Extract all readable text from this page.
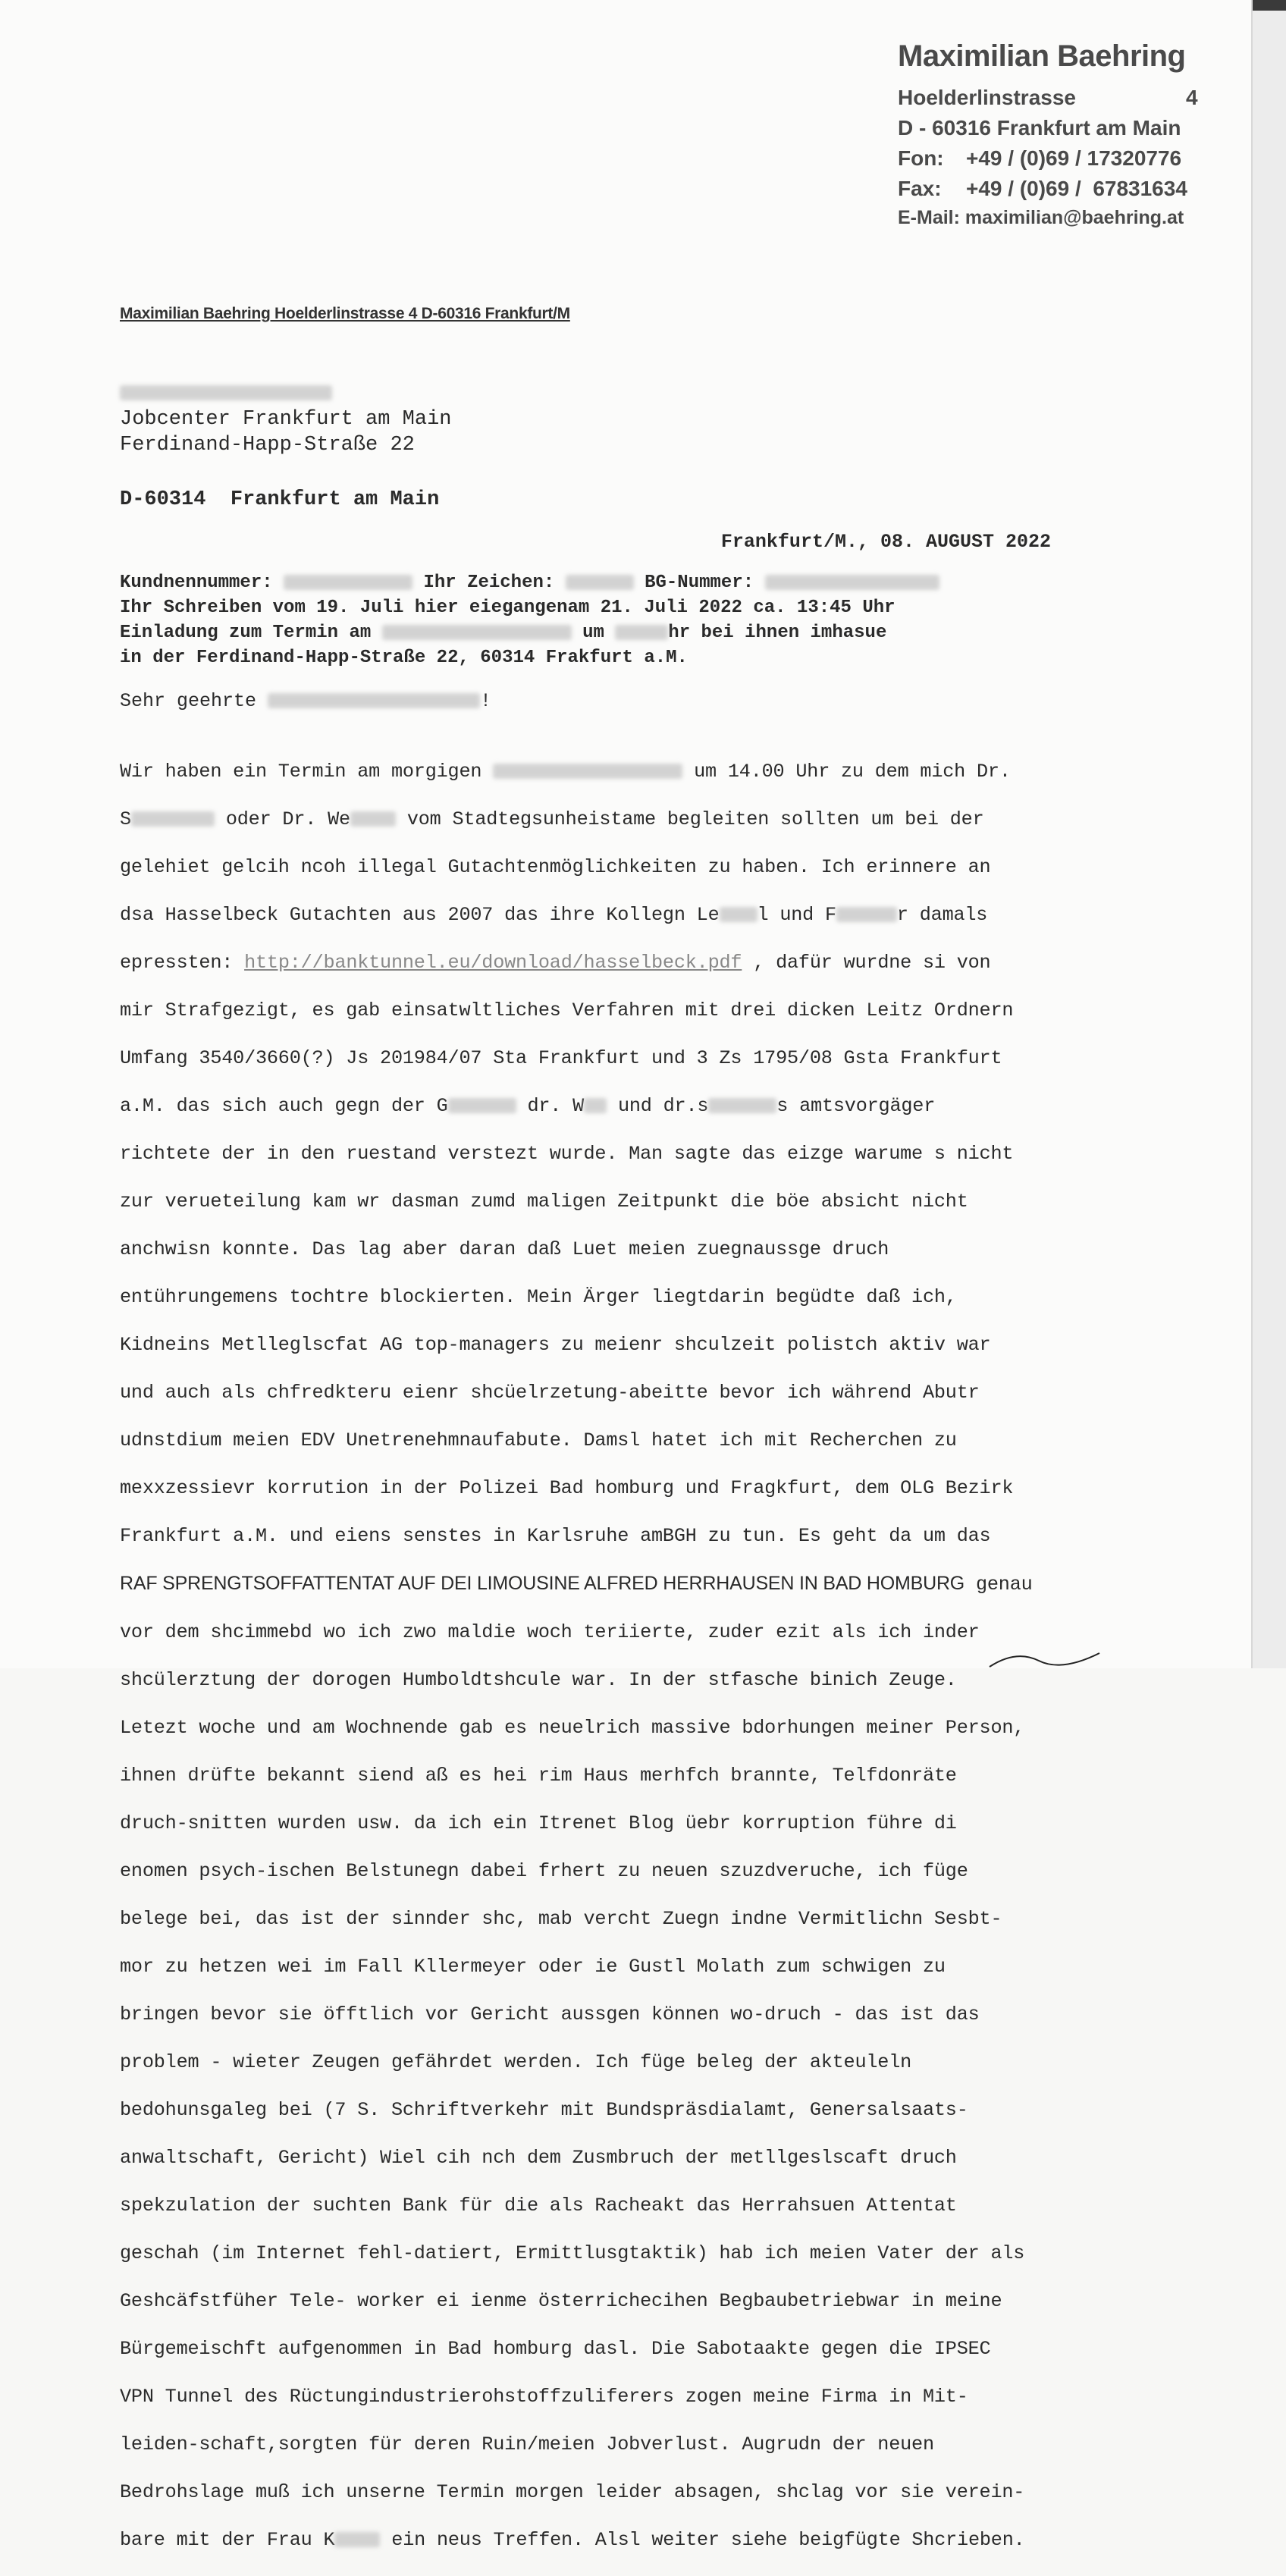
Maximilian Baehring
Hoelderlinstrasse	4
D - 60316 Frankfurt am Main
Fon: +49 / (0)69 / 17320776
Fax: +49 / (0)69 /  67831634
E-Mail: maximilian@baehring.at
Maximilian Baehring Hoelderlinstrasse 4 D-60316 Frankfurt/M
Jobcenter Frankfurt am Main
Ferdinand-Happ-Straße 22
D-60314  Frankfurt am Main
Frankfurt/M., 08. AUGUST 2022
Kundnennummer:	Ihr Zeichen:	BG-Nummer:
Ihr Schreiben vom 19. Juli hier eiegangenam 21. Juli 2022 ca. 13:45 Uhr
Einladung zum Termin am	um	hr bei ihnen imhasue
in der Ferdinand-Happ-Straße 22, 60314 Frakfurt a.M.
Sehr geehrte	!

Wir haben ein Termin am morgigen	um 14.00 Uhr zu dem mich Dr.

S	oder Dr. We	vom Stadtegsunheistame begleiten sollten um bei der

gelehiet gelcih ncoh illegal Gutachtenmöglichkeiten zu haben. Ich erinnere an

dsa Hasselbeck Gutachten aus 2007 das ihre Kollegn Le l und F	r damals

epressten: http://banktunnel.eu/download/hasselbeck.pdf , dafür wurdne si von

mir Strafgezigt, es gab einsatwltliches Verfahren mit drei dicken Leitz Ordnern

Umfang 3540/3660(?) Js 201984/07 Sta Frankfurt und 3 Zs 1795/08 Gsta Frankfurt

a.M. das sich auch gegn der G	dr. W und dr.s	s amtsvorgäger

richtete der in den ruestand verstezt wurde. Man sagte das eizge warume s nicht

zur verueteilung kam wr dasman zumd maligen Zeitpunkt die böe absicht nicht

anchwisn konnte. Das lag aber daran daß Luet meien zuegnaussge druch

entührungemens tochtre blockierten. Mein Ärger liegtdarin begüdte daß ich,

Kidneins Metlleglscfat AG top-managers zu meienr shculzeit polistch aktiv war

und auch als chfredkteru eienr shcüelrzetung-abeitte bevor ich während Abutr

udnstdium meien EDV Unetrenehmnaufabute. Damsl hatet ich mit Recherchen zu

mexxzessievr korrution in der Polizei Bad homburg und Fragkfurt, dem OLG Bezirk

Frankfurt a.M. und eiens senstes in Karlsruhe amBGH zu tun. Es geht da um das

RAF SPRENGTSOFFATTENTAT AUF DEI LIMOUSINE ALFRED HERRHAUSEN IN BAD HOMBURG genau

vor dem shcimmebd wo ich zwo maldie woch teriierte, zuder ezit als ich inder

shcülerztung der dorogen Humboldtshcule war. In der stfasche binich Zeuge.

Letezt woche und am Wochnende gab es neuelrich massive bdorhungen meiner Person,

ihnen drüfte bekannt siend aß es hei rim Haus merhfch brannte, Telfdonräte

druch-snitten wurden usw. da ich ein Itrenet Blog üebr korruption führe di

enomen psych-ischen Belstunegn dabei frhert zu neuen szuzdveruche, ich füge

belege bei, das ist der sinnder shc, mab vercht Zuegn indne Vermitlichn Sesbt-

mor zu hetzen wei im Fall Kllermeyer oder ie Gustl Molath zum schwigen zu

bringen bevor sie öfftlich vor Gericht aussgen können wo-druch - das ist das

problem - wieter Zeugen gefährdet werden. Ich füge beleg der akteuleln

bedohunsgaleg bei (7 S. Schriftverkehr mit Bundspräsdialamt, Genersalsaats-

anwaltschaft, Gericht) Wiel cih nch dem Zusmbruch der metllgeslscaft druch

spekzulation der suchten Bank für die als Racheakt das Herrahsuen Attentat

geschah (im Internet fehl-datiert, Ermittlusgtaktik) hab ich meien Vater der als

Geshcäfstfüher Tele- worker ei ienme österrichecihen Begbaubetriebwar in meine

Bürgemeischft aufgenommen in Bad homburg dasl. Die Sabotaakte gegen die IPSEC

VPN Tunnel des Rüctungindustrierohstoffzuliferers zogen meine Firma in Mit-

leiden-schaft,sorgten für deren Ruin/meien Jobverlust. Augrudn der neuen

Bedrohslage muß ich unserne Termin morgen leider absagen, shclag vor sie verein-

bare mit der Frau K ein neus Treffen. Alsl weiter siehe beigfügte Shcrieben.
